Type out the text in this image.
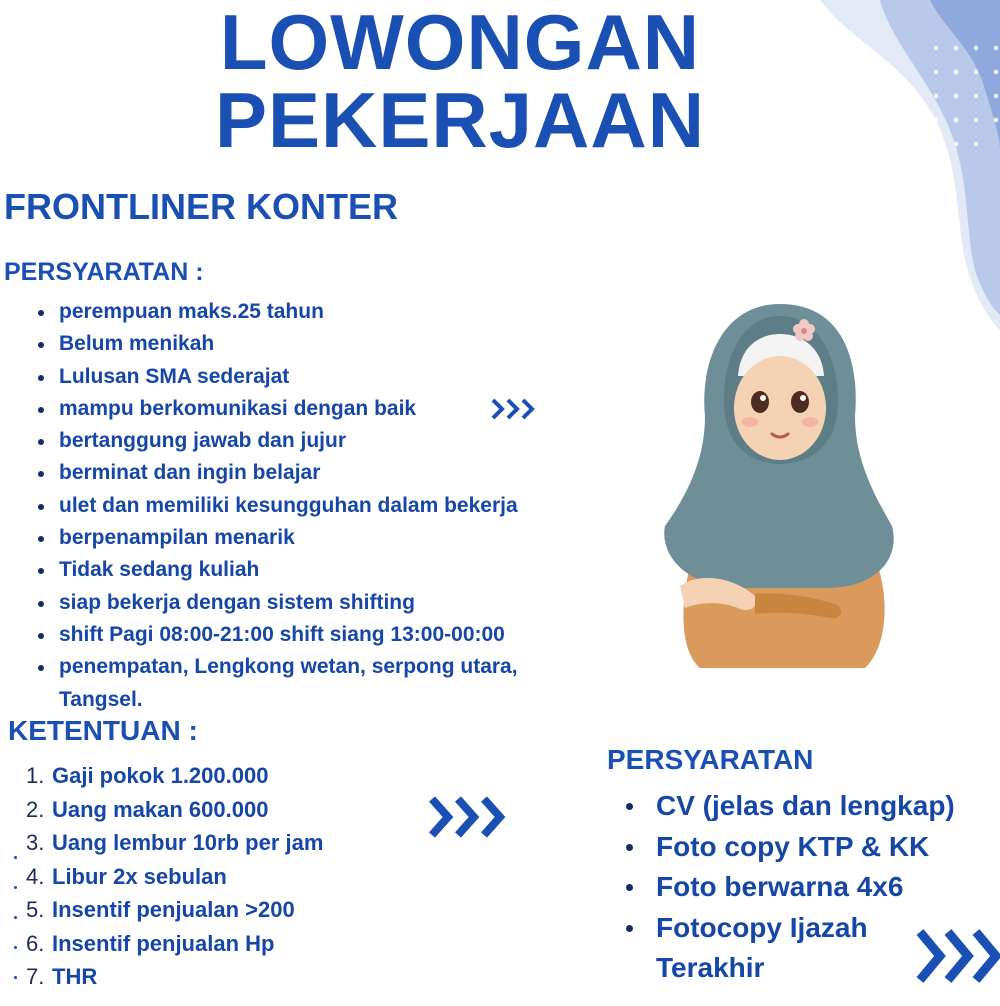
LOWONGAN
PEKERJAAN
FRONTLINER KONTER
PERSYARATAN :
perempuan maks.25 tahun
Belum menikah
Lulusan SMA sederajat
mampu berkomunikasi dengan baik
bertanggung jawab dan jujur
berminat dan ingin belajar
ulet dan memiliki kesungguhan dalam bekerja
berpenampilan menarik
Tidak sedang kuliah
siap bekerja dengan sistem shifting
shift Pagi 08:00-21:00 shift siang 13:00-00:00
penempatan, Lengkong wetan, serpong utara, Tangsel.
KETENTUAN :
1. Gaji pokok 1.200.000
2. Uang makan 600.000
3. Uang lembur 10rb per jam
4. Libur 2x sebulan
5. Insentif penjualan >200
6. Insentif penjualan Hp
7. THR
PERSYARATAN
CV (jelas dan lengkap)
Foto copy KTP & KK
Foto berwarna 4x6
Fotocopy Ijazah Terakhir
